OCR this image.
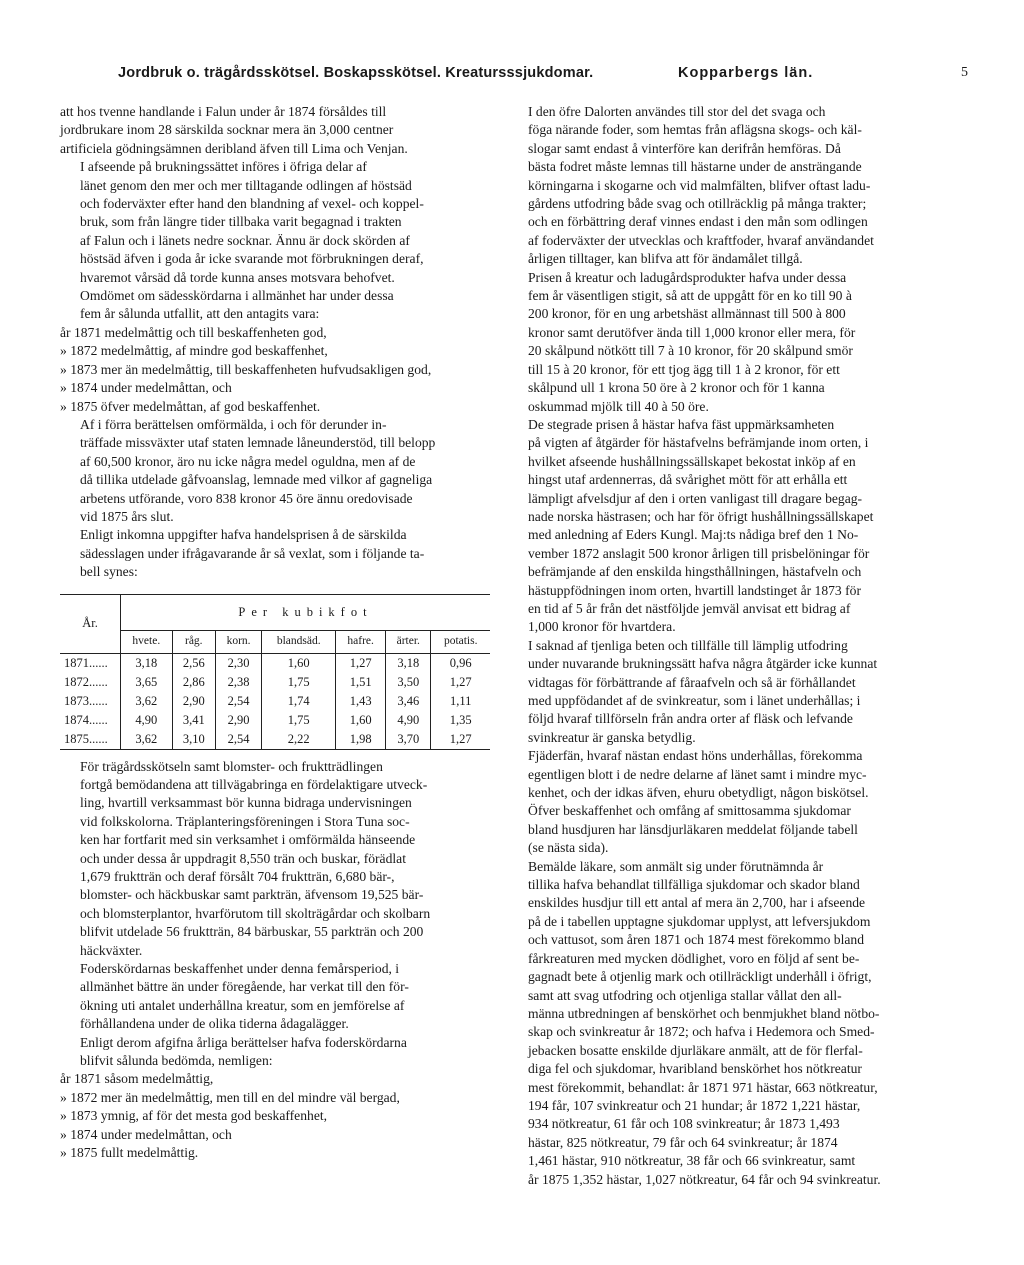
Jordbruk o. trägårdsskötsel. Boskapsskötsel. Kreatursssjukdomar.	Kopparbergs län.	5

att hos tvenne handlande i Falun under år 1874 försåldes till
jordbrukare inom 28 särskilda socknar mera än 3,000 centner
artificiela gödningsämnen deribland äfven till Lima och Venjan.

I afseende på brukningssättet införes i öfriga delar af
länet genom den mer och mer tilltagande odlingen af höstsäd
och foderväxter efter hand den blandning af vexel- och koppel-
bruk, som från längre tider tillbaka varit begagnad i trakten
af Falun och i länets nedre socknar. Ännu är dock skörden af
höstsäd äfven i goda år icke svarande mot förbrukningen deraf,
hvaremot vårsäd då torde kunna anses motsvara behofvet.

Omdömet om sädesskördarna i allmänhet har under dessa
fem år sålunda utfallit, att den antagits vara:

år 1871 medelmåttig och till beskaffenheten god,
» 1872 medelmåttig, af mindre god beskaffenhet,
» 1873 mer än medelmåttig, till beskaffenheten hufvudsakligen god,
» 1874 under medelmåttan, och
» 1875 öfver medelmåttan, af god beskaffenhet.

Af i förra berättelsen omförmälda, i och för derunder in-
träffade missväxter utaf staten lemnade låneunderstöd, till belopp
af 60,500 kronor, äro nu icke några medel oguldna, men af de
då tillika utdelade gåfvoanslag, lemnade med vilkor af gagneliga
arbetens utförande, voro 838 kronor 45 öre ännu oredovisade
vid 1875 års slut.

Enligt inkomna uppgifter hafva handelsprisen å de särskilda
sädesslagen under ifrågavarande år så vexlat, som i följande ta-
bell synes:

År.	Per kubikfot						
	hvete.	råg.	korn.	blandsäd.	hafre.	ärter.	potatis.
1871......	3,18	2,56	2,30	1,60	1,27	3,18	0,96
1872......	3,65	2,86	2,38	1,75	1,51	3,50	1,27
1873......	3,62	2,90	2,54	1,74	1,43	3,46	1,11
1874......	4,90	3,41	2,90	1,75	1,60	4,90	1,35
1875......	3,62	3,10	2,54	2,22	1,98	3,70	1,27

För trägårdsskötseln samt blomster- och fruktträdlingen
fortgå bemödandena att tillvägabringa en fördelaktigare utveck-
ling, hvartill verksammast bör kunna bidraga undervisningen
vid folkskolorna. Träplanteringsföreningen i Stora Tuna soc-
ken har fortfarit med sin verksamhet i omförmälda hänseende
och under dessa år uppdragit 8,550 trän och buskar, förädlat
1,679 fruktträn och deraf försålt 704 fruktträn, 6,680 bär-,
blomster- och häckbuskar samt parkträn, äfvensom 19,525 bär-
och blomsterplantor, hvarförutom till skolträgårdar och skolbarn
blifvit utdelade 56 fruktträn, 84 bärbuskar, 55 parkträn och 200
häckväxter.

Foderskördarnas beskaffenhet under denna femårsperiod, i
allmänhet bättre än under föregående, har verkat till den för-
ökning uti antalet underhållna kreatur, som en jemförelse af
förhållandena under de olika tiderna ådagalägger.

Enligt derom afgifna årliga berättelser hafva foderskördarna
blifvit sålunda bedömda, nemligen:

år 1871 såsom medelmåttig,
» 1872 mer än medelmåttig, men till en del mindre väl bergad,
» 1873 ymnig, af för det mesta god beskaffenhet,
» 1874 under medelmåttan, och
» 1875 fullt medelmåttig.

I den öfre Dalorten användes till stor del det svaga och
föga närande foder, som hemtas från aflägsna skogs- och käl-
slogar samt endast å vinterföre kan derifrån hemföras. Då
bästa fodret måste lemnas till hästarne under de ansträngande
körningarna i skogarne och vid malmfälten, blifver oftast ladu-
gårdens utfodring både svag och otillräcklig på många trakter;
och en förbättring deraf vinnes endast i den mån som odlingen
af foderväxter der utvecklas och kraftfoder, hvaraf användandet
årligen tilltager, kan blifva att för ändamålet tillgå.

Prisen å kreatur och ladugårdsprodukter hafva under dessa
fem år väsentligen stigit, så att de uppgått för en ko till 90 à
200 kronor, för en ung arbetshäst allmännast till 500 à 800
kronor samt derutöfver ända till 1,000 kronor eller mera, för
20 skålpund nötkött till 7 à 10 kronor, för 20 skålpund smör
till 15 à 20 kronor, för ett tjog ägg till 1 à 2 kronor, för ett
skålpund ull 1 krona 50 öre à 2 kronor och för 1 kanna
oskummad mjölk till 40 à 50 öre.

De stegrade prisen å hästar hafva fäst uppmärksamheten
på vigten af åtgärder för hästafvelns befrämjande inom orten, i
hvilket afseende hushållningssällskapet bekostat inköp af en
hingst utaf ardennerras, då svårighet mött för att erhålla ett
lämpligt afvelsdjur af den i orten vanligast till dragare begag-
nade norska hästrasen; och har för öfrigt hushållningssällskapet
med anledning af Eders Kungl. Maj:ts nådiga bref den 1 No-
vember 1872 anslagit 500 kronor årligen till prisbelöningar för
befrämjande af den enskilda hingsthållningen, hästafveln och
hästuppfödningen inom orten, hvartill landstinget år 1873 för
en tid af 5 år från det nästföljde jemväl anvisat ett bidrag af
1,000 kronor för hvartdera.

I saknad af tjenliga beten och tillfälle till lämplig utfodring
under nuvarande brukningssätt hafva några åtgärder icke kunnat
vidtagas för förbättrande af fåraafveln och så är förhållandet
med uppfödandet af de svinkreatur, som i länet underhållas; i
följd hvaraf tillförseln från andra orter af fläsk och lefvande
svinkreatur är ganska betydlig.

Fjäderfän, hvaraf nästan endast höns underhållas, förekomma
egentligen blott i de nedre delarne af länet samt i mindre myc-
kenhet, och der idkas äfven, ehuru obetydligt, någon biskötsel.

Öfver beskaffenhet och omfång af smittosamma sjukdomar
bland husdjuren har länsdjurläkaren meddelat följande tabell
(se nästa sida).

Bemälde läkare, som anmält sig under förutnämnda år
tillika hafva behandlat tillfälliga sjukdomar och skador bland
enskildes husdjur till ett antal af mera än 2,700, har i afseende
på de i tabellen upptagne sjukdomar upplyst, att lefversjukdom
och vattusot, som åren 1871 och 1874 mest förekommo bland
fårkreaturen med mycken dödlighet, voro en följd af sent be-
gagnadt bete å otjenlig mark och otillräckligt underhåll i öfrigt,
samt att svag utfodring och otjenliga stallar vållat den all-
männa utbredningen af benskörhet och benmjukhet bland nötbo-
skap och svinkreatur år 1872; och hafva i Hedemora och Smed-
jebacken bosatte enskilde djurläkare anmält, att de för flerfal-
diga fel och sjukdomar, hvaribland benskörhet hos nötkreatur
mest förekommit, behandlat: år 1871 971 hästar, 663 nötkreatur,
194 får, 107 svinkreatur och 21 hundar; år 1872 1,221 hästar,
934 nötkreatur, 61 får och 108 svinkreatur; år 1873 1,493
hästar, 825 nötkreatur, 79 får och 64 svinkreatur; år 1874
1,461 hästar, 910 nötkreatur, 38 får och 66 svinkreatur, samt
år 1875 1,352 hästar, 1,027 nötkreatur, 64 får och 94 svinkreatur.
